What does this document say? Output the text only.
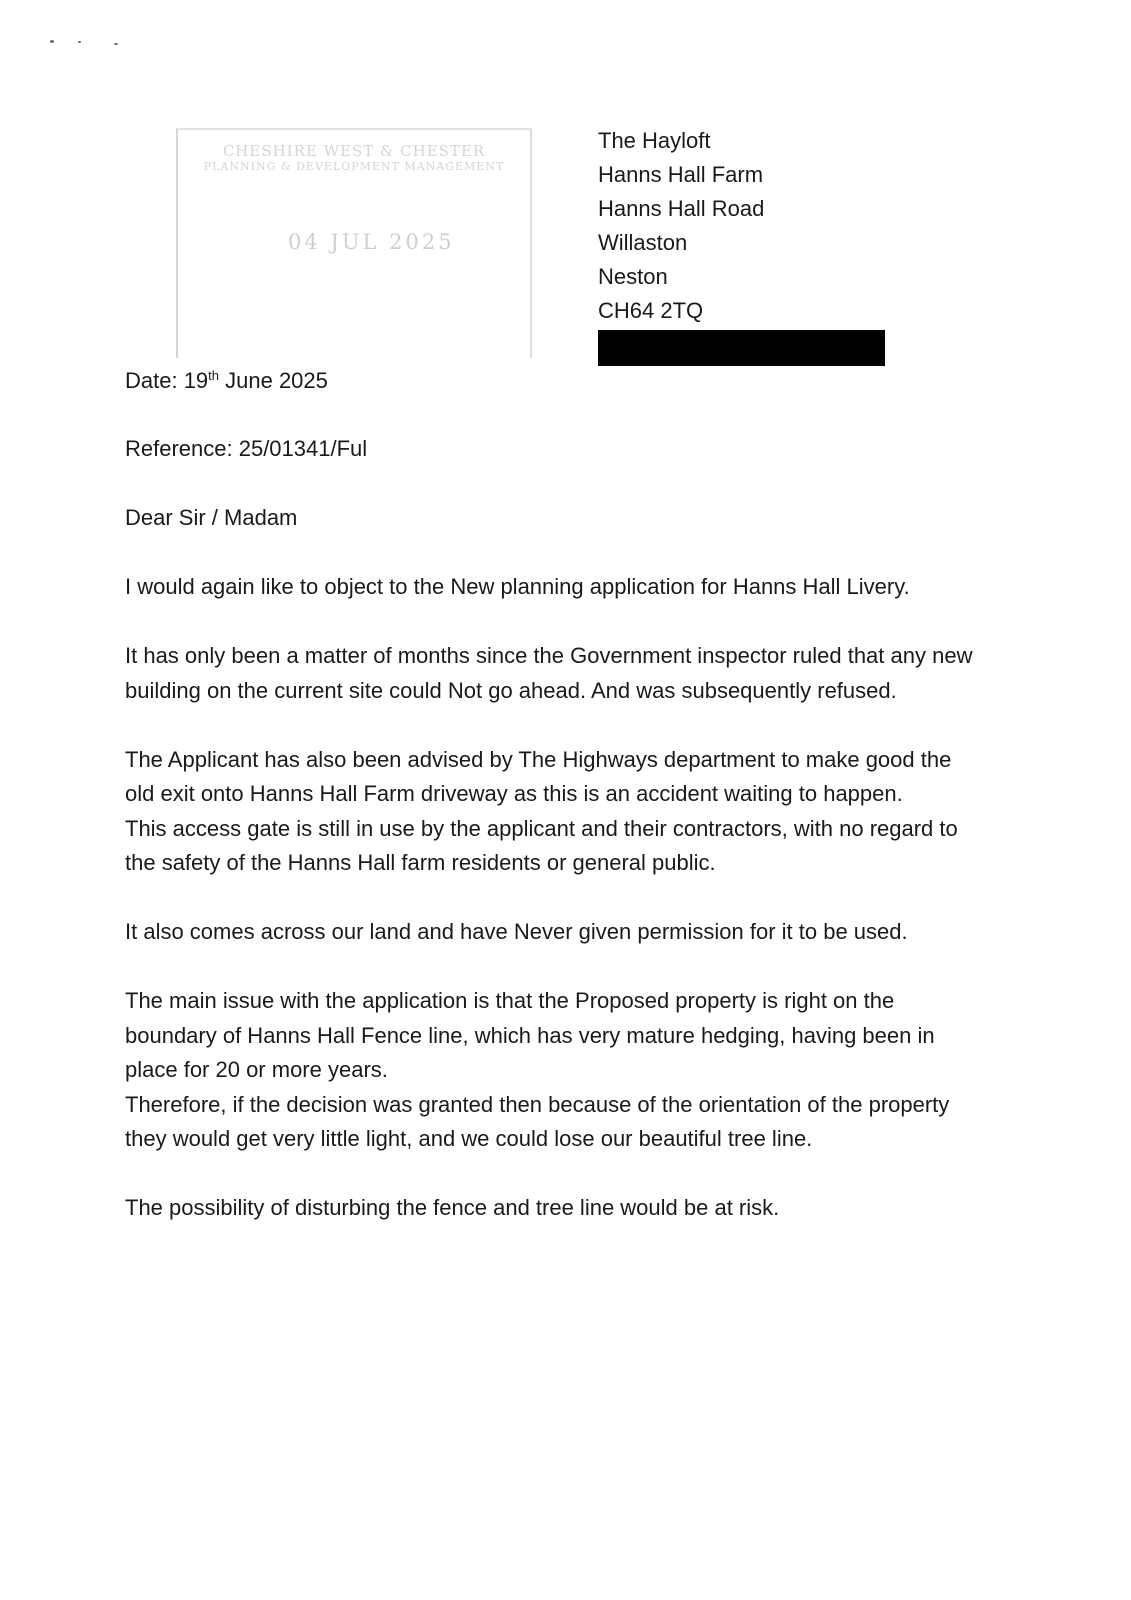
CHESHIRE WEST & CHESTER
PLANNING & DEVELOPMENT MANAGEMENT
04 JUL 2025
The Hayloft
Hanns Hall Farm
Hanns Hall Road
Willaston
Neston
CH64 2TQ

Date: 19th June 2025

Reference: 25/01341/Ful

Dear Sir / Madam

I would again like to object to the New planning application for Hanns Hall Livery.

It has only been a matter of months since the Government inspector ruled that any new building on the current site could Not go ahead. And was subsequently refused.

The Applicant has also been advised by The Highways department to make good the old exit onto Hanns Hall Farm driveway as this is an accident waiting to happen.

This access gate is still in use by the applicant and their contractors, with no regard to the safety of the Hanns Hall farm residents or general public.

It also comes across our land and have Never given permission for it to be used.

The main issue with the application is that the Proposed property is right on the boundary of Hanns Hall Fence line, which has very mature hedging, having been in place for 20 or more years.

Therefore, if the decision was granted then because of the orientation of the property they would get very little light, and we could lose our beautiful tree line.

The possibility of disturbing the fence and tree line would be at risk.
